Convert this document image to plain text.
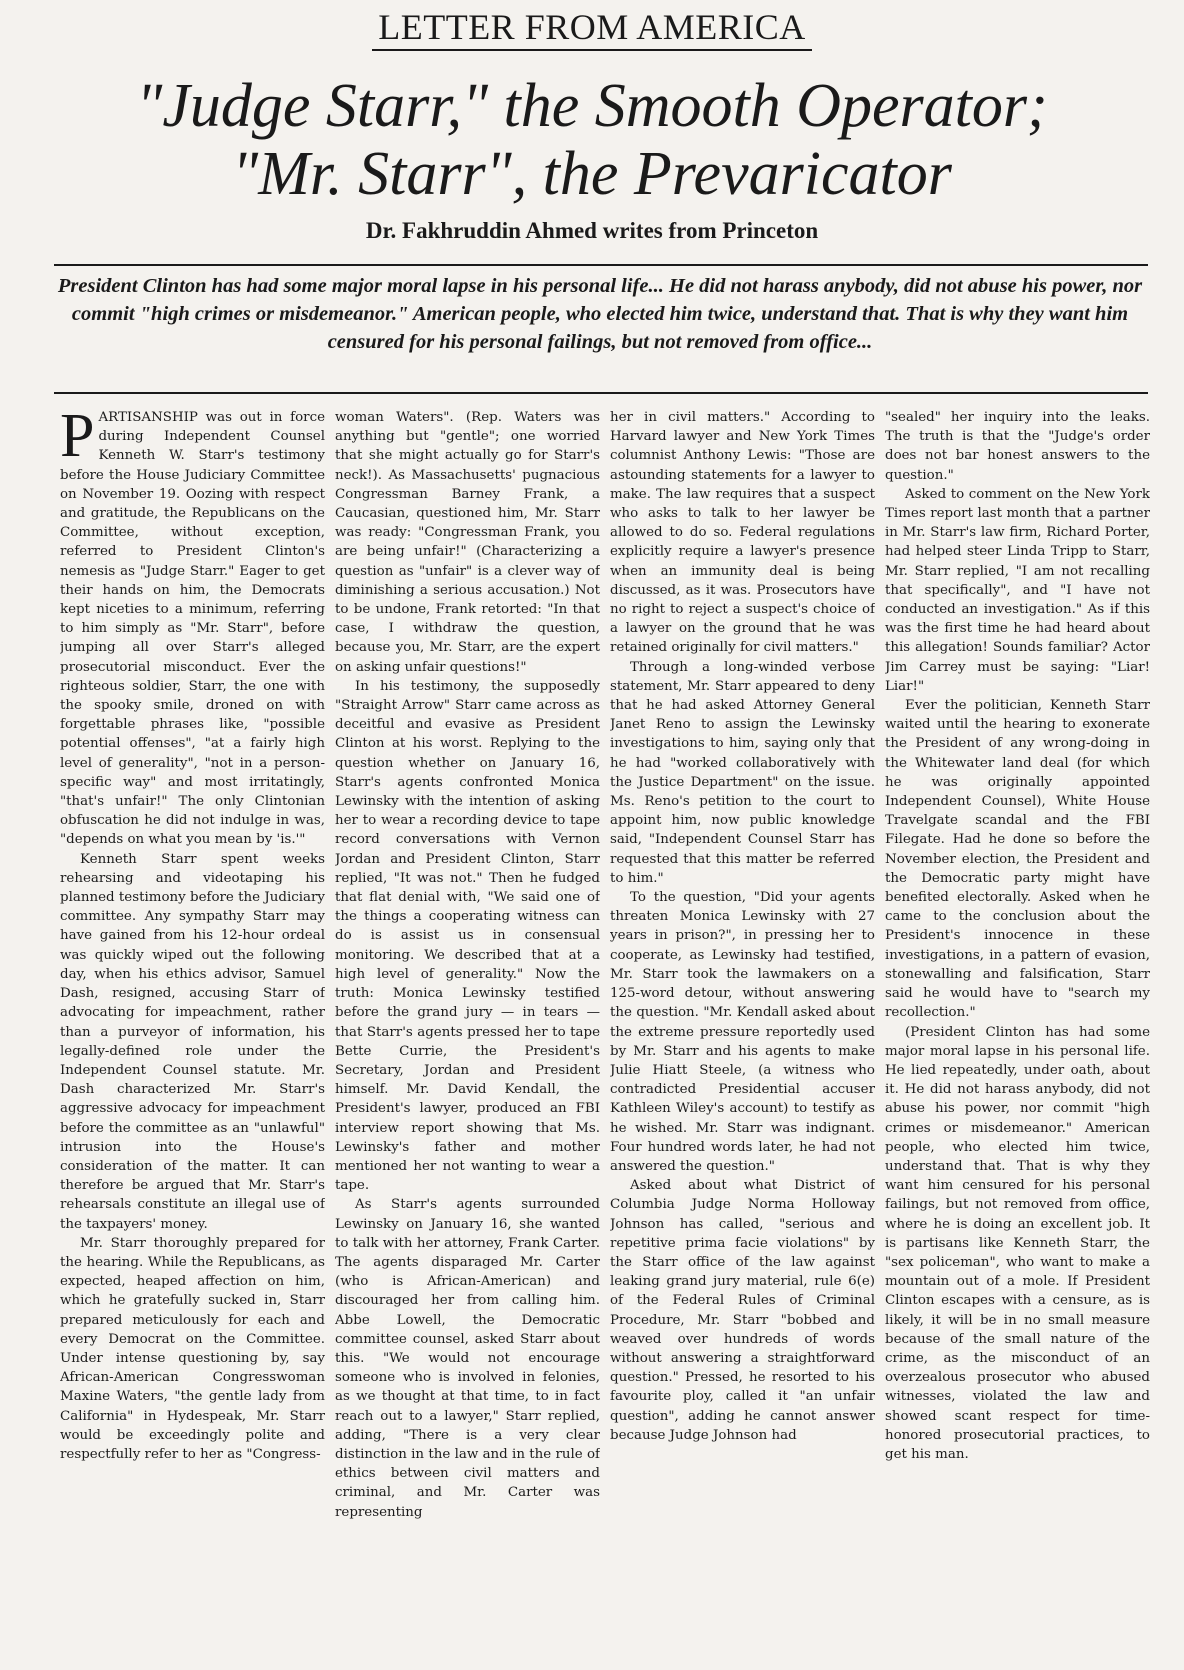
LETTER FROM AMERICA
"Judge Starr," the Smooth Operator;
"Mr. Starr", the Prevaricator
Dr. Fakhruddin Ahmed writes from Princeton
President Clinton has had some major moral lapse in his personal life... He did not harass anybody, did not abuse his power, nor commit "high crimes or misdemeanor." American people, who elected him twice, understand that. That is why they want him censured for his personal failings, but not removed from office...

PARTISANSHIP was out in force during Independent Counsel Kenneth W. Starr's testimony before the House Judiciary Committee on November 19. Oozing with respect and gratitude, the Republicans on the Committee, without exception, referred to President Clinton's nemesis as "Judge Starr." Eager to get their hands on him, the Democrats kept niceties to a minimum, referring to him simply as "Mr. Starr", before jumping all over Starr's alleged prosecutorial misconduct. Ever the righteous soldier, Starr, the one with the spooky smile, droned on with forgettable phrases like, "possible potential offenses", "at a fairly high level of generality", "not in a person-specific way" and most irritatingly, "that's unfair!" The only Clintonian obfuscation he did not indulge in was, "depends on what you mean by 'is.'"

Kenneth Starr spent weeks rehearsing and videotaping his planned testimony before the Judiciary committee. Any sympathy Starr may have gained from his 12-hour ordeal was quickly wiped out the following day, when his ethics advisor, Samuel Dash, resigned, accusing Starr of advocating for impeachment, rather than a purveyor of information, his legally-defined role under the Independent Counsel statute. Mr. Dash characterized Mr. Starr's aggressive advocacy for impeachment before the committee as an "unlawful" intrusion into the House's consideration of the matter. It can therefore be argued that Mr. Starr's rehearsals constitute an illegal use of the taxpayers' money.

Mr. Starr thoroughly prepared for the hearing. While the Republicans, as expected, heaped affection on him, which he gratefully sucked in, Starr prepared meticulously for each and every Democrat on the Committee. Under intense questioning by, say African-American Congresswoman Maxine Waters, "the gentle lady from California" in Hydespeak, Mr. Starr would be exceedingly polite and respectfully refer to her as "Congress-

woman Waters". (Rep. Waters was anything but "gentle"; one worried that she might actually go for Starr's neck!). As Massachusetts' pugnacious Congressman Barney Frank, a Caucasian, questioned him, Mr. Starr was ready: "Congressman Frank, you are being unfair!" (Characterizing a question as "unfair" is a clever way of diminishing a serious accusation.) Not to be undone, Frank retorted: "In that case, I withdraw the question, because you, Mr. Starr, are the expert on asking unfair questions!"

In his testimony, the supposedly "Straight Arrow" Starr came across as deceitful and evasive as President Clinton at his worst. Replying to the question whether on January 16, Starr's agents confronted Monica Lewinsky with the intention of asking her to wear a recording device to tape record conversations with Vernon Jordan and President Clinton, Starr replied, "It was not." Then he fudged that flat denial with, "We said one of the things a cooperating witness can do is assist us in consensual monitoring. We described that at a high level of generality." Now the truth: Monica Lewinsky testified before the grand jury — in tears — that Starr's agents pressed her to tape Bette Currie, the President's Secretary, Jordan and President himself. Mr. David Kendall, the President's lawyer, produced an FBI interview report showing that Ms. Lewinsky's father and mother mentioned her not wanting to wear a tape.

As Starr's agents surrounded Lewinsky on January 16, she wanted to talk with her attorney, Frank Carter. The agents disparaged Mr. Carter (who is African-American) and discouraged her from calling him. Abbe Lowell, the Democratic committee counsel, asked Starr about this. "We would not encourage someone who is involved in felonies, as we thought at that time, to in fact reach out to a lawyer," Starr replied, adding, "There is a very clear distinction in the law and in the rule of ethics between civil matters and criminal, and Mr. Carter was representing

her in civil matters." According to Harvard lawyer and New York Times columnist Anthony Lewis: "Those are astounding statements for a lawyer to make. The law requires that a suspect who asks to talk to her lawyer be allowed to do so. Federal regulations explicitly require a lawyer's presence when an immunity deal is being discussed, as it was. Prosecutors have no right to reject a suspect's choice of a lawyer on the ground that he was retained originally for civil matters."

Through a long-winded verbose statement, Mr. Starr appeared to deny that he had asked Attorney General Janet Reno to assign the Lewinsky investigations to him, saying only that he had "worked collaboratively with the Justice Department" on the issue. Ms. Reno's petition to the court to appoint him, now public knowledge said, "Independent Counsel Starr has requested that this matter be referred to him."

To the question, "Did your agents threaten Monica Lewinsky with 27 years in prison?", in pressing her to cooperate, as Lewinsky had testified, Mr. Starr took the lawmakers on a 125-word detour, without answering the question. "Mr. Kendall asked about the extreme pressure reportedly used by Mr. Starr and his agents to make Julie Hiatt Steele, (a witness who contradicted Presidential accuser Kathleen Wiley's account) to testify as he wished. Mr. Starr was indignant. Four hundred words later, he had not answered the question."

Asked about what District of Columbia Judge Norma Holloway Johnson has called, "serious and repetitive prima facie violations" by the Starr office of the law against leaking grand jury material, rule 6(e) of the Federal Rules of Criminal Procedure, Mr. Starr "bobbed and weaved over hundreds of words without answering a straightforward question." Pressed, he resorted to his favourite ploy, called it "an unfair question", adding he cannot answer because Judge Johnson had

"sealed" her inquiry into the leaks. The truth is that the "Judge's order does not bar honest answers to the question."

Asked to comment on the New York Times report last month that a partner in Mr. Starr's law firm, Richard Porter, had helped steer Linda Tripp to Starr, Mr. Starr replied, "I am not recalling that specifically", and "I have not conducted an investigation." As if this was the first time he had heard about this allegation! Sounds familiar? Actor Jim Carrey must be saying: "Liar! Liar!"

Ever the politician, Kenneth Starr waited until the hearing to exonerate the President of any wrong-doing in the Whitewater land deal (for which he was originally appointed Independent Counsel), White House Travelgate scandal and the FBI Filegate. Had he done so before the November election, the President and the Democratic party might have benefited electorally. Asked when he came to the conclusion about the President's innocence in these investigations, in a pattern of evasion, stonewalling and falsification, Starr said he would have to "search my recollection."

(President Clinton has had some major moral lapse in his personal life. He lied repeatedly, under oath, about it. He did not harass anybody, did not abuse his power, nor commit "high crimes or misdemeanor." American people, who elected him twice, understand that. That is why they want him censured for his personal failings, but not removed from office, where he is doing an excellent job. It is partisans like Kenneth Starr, the "sex policeman", who want to make a mountain out of a mole. If President Clinton escapes with a censure, as is likely, it will be in no small measure because of the small nature of the crime, as the misconduct of an overzealous prosecutor who abused witnesses, violated the law and showed scant respect for time-honored prosecutorial practices, to get his man.
